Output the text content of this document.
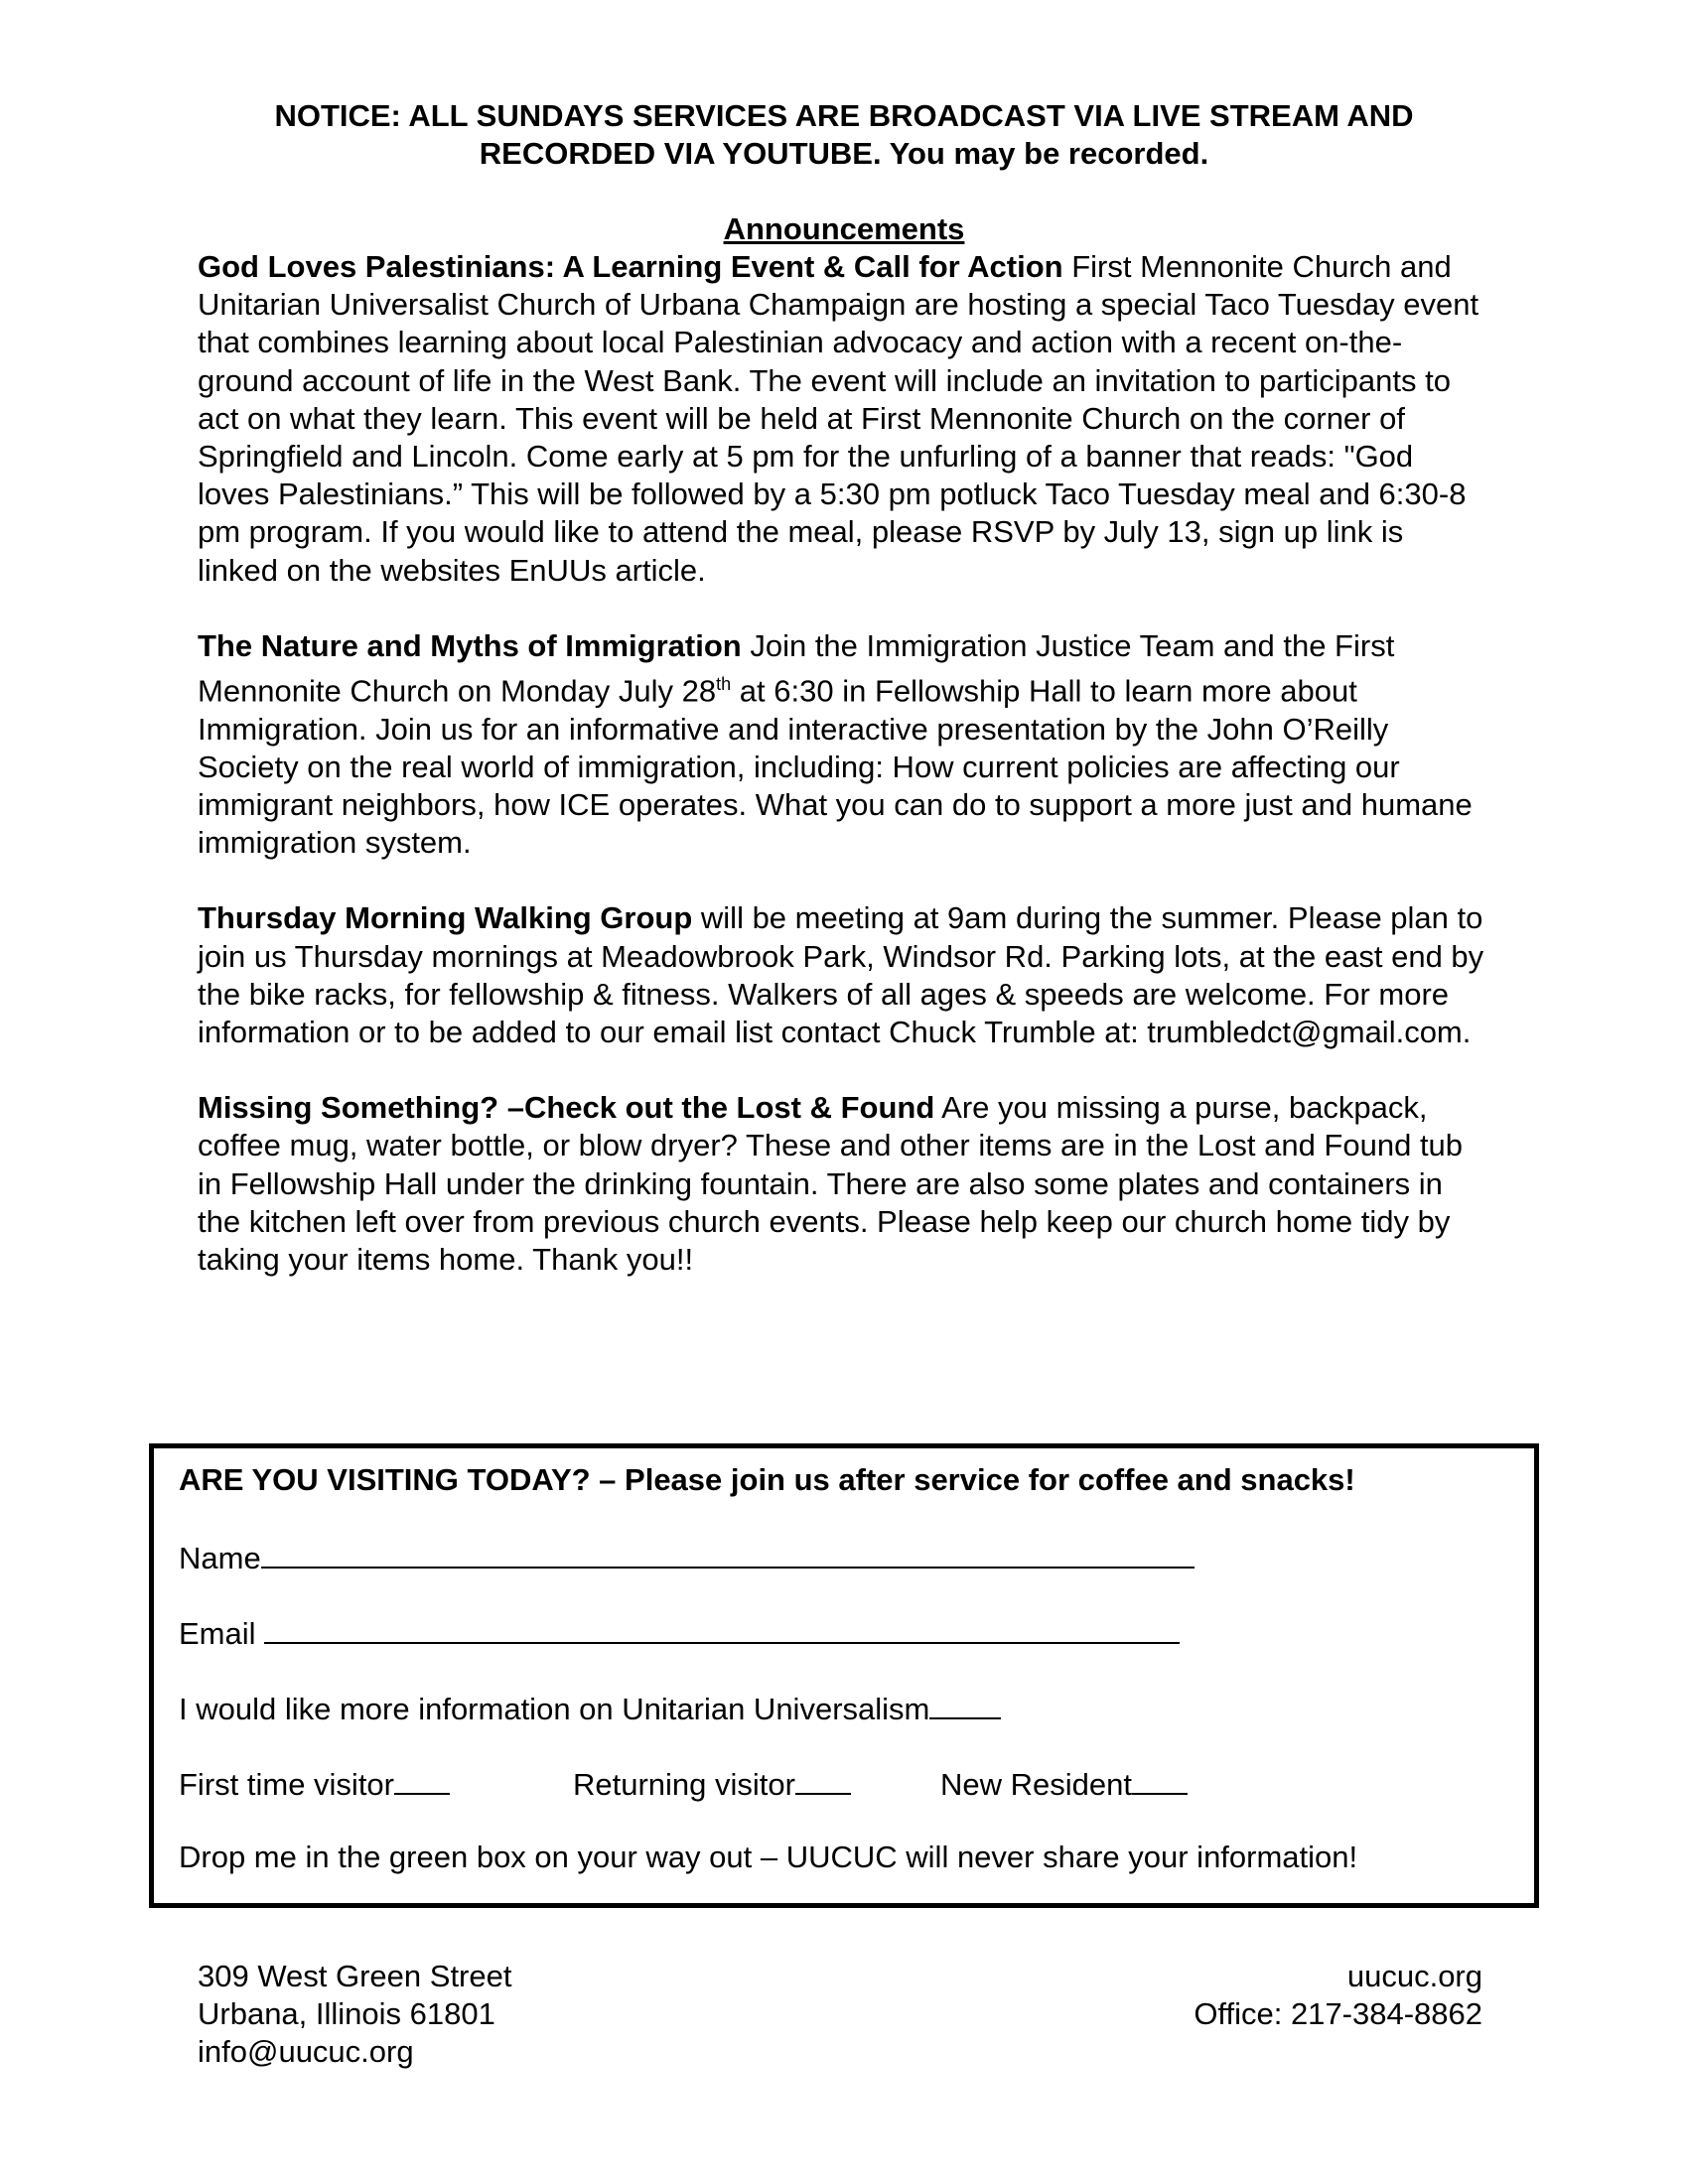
NOTICE: ALL SUNDAYS SERVICES ARE BROADCAST VIA LIVE STREAM AND
RECORDED VIA YOUTUBE. You may be recorded.
Announcements

God Loves Palestinians: A Learning Event & Call for Action First Mennonite Church and Unitarian Universalist Church of Urbana Champaign are hosting a special Taco Tuesday event that combines learning about local Palestinian advocacy and action with a recent on-the-ground account of life in the West Bank. The event will include an invitation to participants to act on what they learn. This event will be held at First Mennonite Church on the corner of Springfield and Lincoln. Come early at 5 pm for the unfurling of a banner that reads: "God loves Palestinians.” This will be followed by a 5:30 pm potluck Taco Tuesday meal and 6:30-8 pm program. If you would like to attend the meal, please RSVP by July 13, sign up link is linked on the websites EnUUs article.

The Nature and Myths of Immigration Join the Immigration Justice Team and the First Mennonite Church on Monday July 28th at 6:30 in Fellowship Hall to learn more about Immigration. Join us for an informative and interactive presentation by the John O’Reilly Society on the real world of immigration, including: How current policies are affecting our immigrant neighbors, how ICE operates. What you can do to support a more just and humane immigration system.

Thursday Morning Walking Group will be meeting at 9am during the summer. Please plan to join us Thursday mornings at Meadowbrook Park, Windsor Rd. Parking lots, at the east end by the bike racks, for fellowship & fitness. Walkers of all ages & speeds are welcome. For more information or to be added to our email list contact Chuck Trumble at: trumbledct@gmail.com.

Missing Something? –Check out the Lost & Found Are you missing a purse, backpack, coffee mug, water bottle, or blow dryer? These and other items are in the Lost and Found tub in Fellowship Hall under the drinking fountain. There are also some plates and containers in the kitchen left over from previous church events. Please help keep our church home tidy by taking your items home. Thank you!!

ARE YOU VISITING TODAY? – Please join us after service for coffee and snacks!
Name
Email
I would like more information on Unitarian Universalism
First time visitor	Returning visitor	New Resident
Drop me in the green box on your way out – UUCUC will never share your information!
309 West Green Street
Urbana, Illinois 61801
info@uucuc.org
uucuc.org
Office: 217-384-8862
